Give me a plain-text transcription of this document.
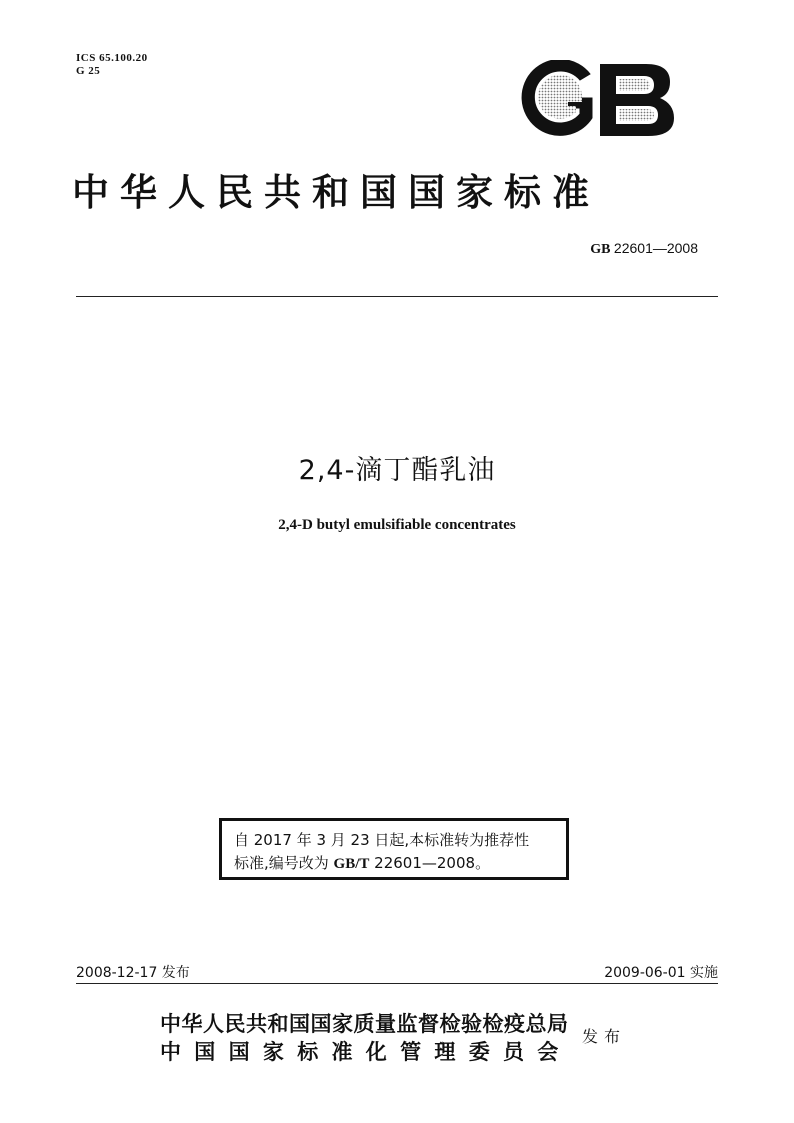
ICS 65.100.20
G 25
中华人民共和国国家标准
GB 22601—2008
2,4-滴丁酯乳油
2,4-D butyl emulsifiable concentrates
自 2017 年 3 月 23 日起,本标准转为推荐性
标准,编号改为 GB/T 22601—2008。
2008-12-17 发布	2009-06-01 实施
中华人民共和国国家质量监督检验检疫总局
中国国家标准化管理委员会
发布
